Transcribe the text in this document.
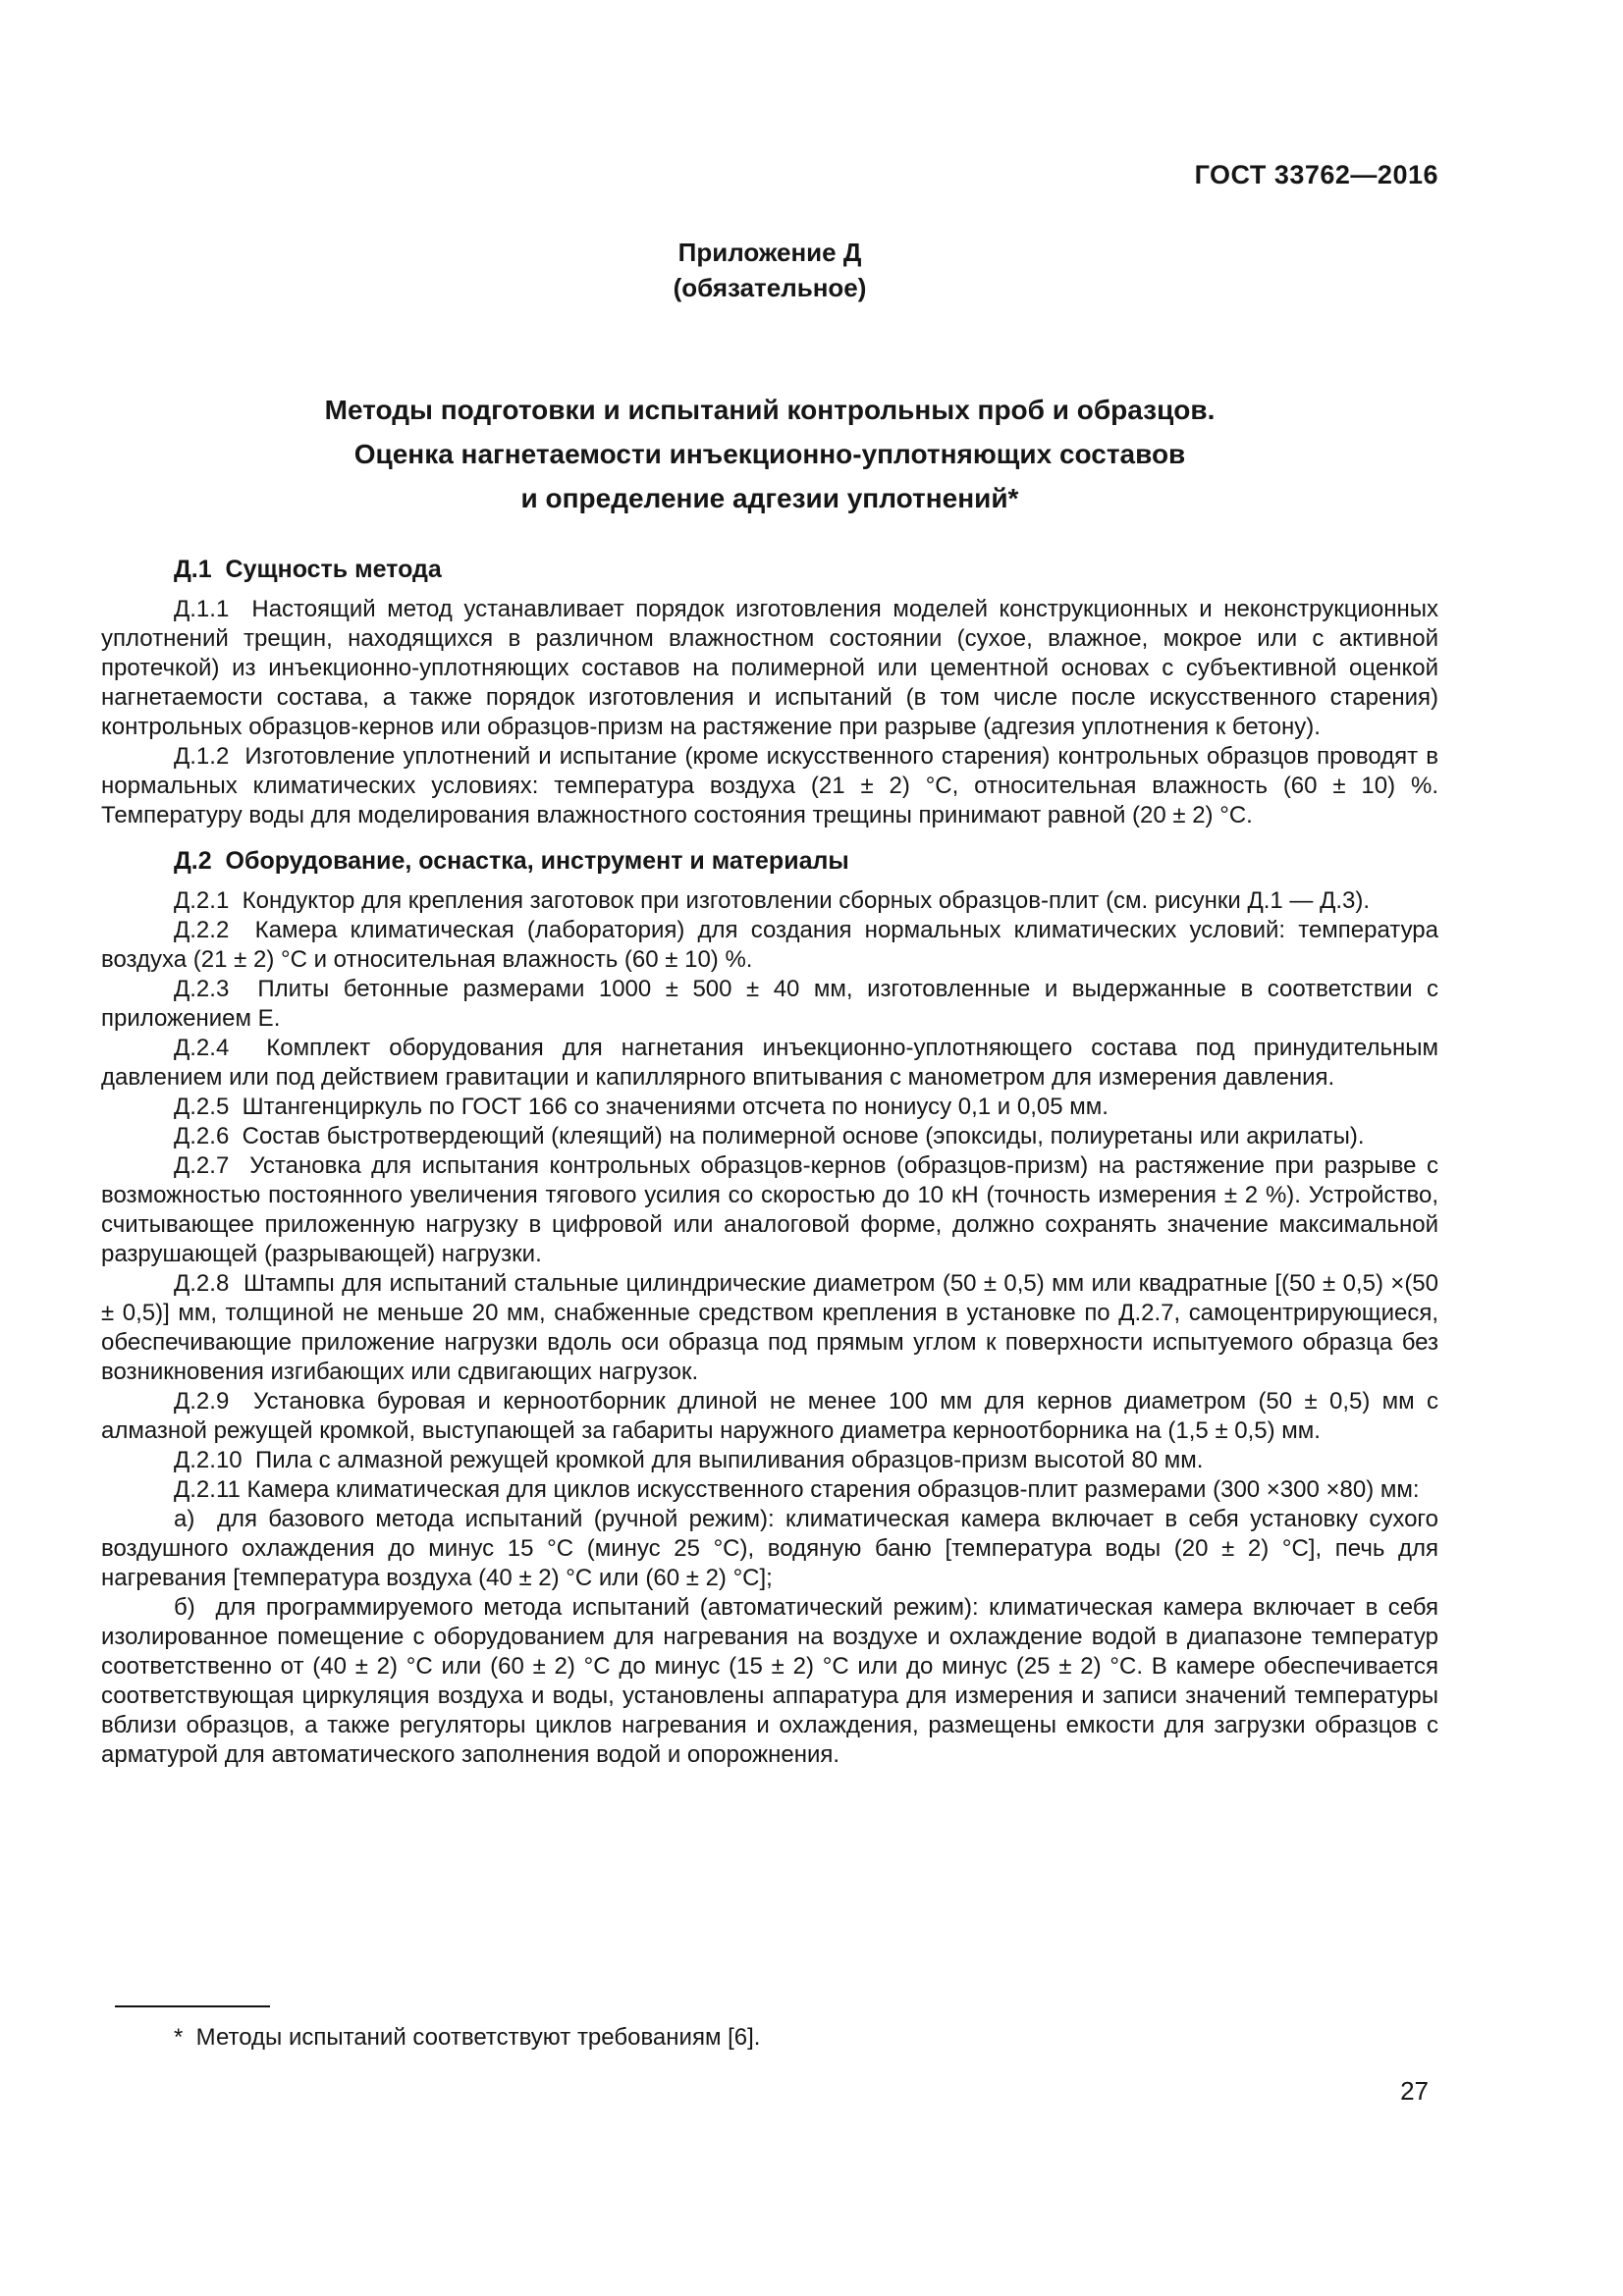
ГОСТ 33762—2016
Приложение Д
(обязательное)
Методы подготовки и испытаний контрольных проб и образцов.
Оценка нагнетаемости инъекционно-уплотняющих составов
и определение адгезии уплотнений*
Д.1  Сущность метода

Д.1.1  Настоящий метод устанавливает порядок изготовления моделей конструкционных и неконструкционных уплотнений трещин, находящихся в различном влажностном состоянии (сухое, влажное, мокрое или с активной протечкой) из инъекционно-уплотняющих составов на полимерной или цементной основах с субъективной оценкой нагнетаемости состава, а также порядок изготовления и испытаний (в том числе после искусственного старения) контрольных образцов-кернов или образцов-призм на растяжение при разрыве (адгезия уплотнения к бетону).

Д.1.2  Изготовление уплотнений и испытание (кроме искусственного старения) контрольных образцов проводят в нормальных климатических условиях: температура воздуха (21 ± 2) °С, относительная влажность (60 ± 10) %. Температуру воды для моделирования влажностного состояния трещины принимают равной (20 ± 2) °С.

Д.2  Оборудование, оснастка, инструмент и материалы

Д.2.1  Кондуктор для крепления заготовок при изготовлении сборных образцов-плит (см. рисунки Д.1 — Д.3).

Д.2.2  Камера климатическая (лаборатория) для создания нормальных климатических условий: температура воздуха (21 ± 2) °С и относительная влажность (60 ± 10) %.

Д.2.3  Плиты бетонные размерами 1000 ± 500 ± 40 мм, изготовленные и выдержанные в соответствии с приложением Е.

Д.2.4  Комплект оборудования для нагнетания инъекционно-уплотняющего состава под принудительным давлением или под действием гравитации и капиллярного впитывания с манометром для измерения давления.

Д.2.5  Штангенциркуль по ГОСТ 166 со значениями отсчета по нониусу 0,1 и 0,05 мм.

Д.2.6  Состав быстротвердеющий (клеящий) на полимерной основе (эпоксиды, полиуретаны или акрилаты).

Д.2.7  Установка для испытания контрольных образцов-кернов (образцов-призм) на растяжение при разрыве с возможностью постоянного увеличения тягового усилия со скоростью до 10 кН (точность измерения ± 2 %). Устройство, считывающее приложенную нагрузку в цифровой или аналоговой форме, должно сохранять значение максимальной разрушающей (разрывающей) нагрузки.

Д.2.8  Штампы для испытаний стальные цилиндрические диаметром (50 ± 0,5) мм или квадратные [(50 ± 0,5) ×(50 ± 0,5)] мм, толщиной не меньше 20 мм, снабженные средством крепления в установке по Д.2.7, самоцентрирующиеся, обеспечивающие приложение нагрузки вдоль оси образца под прямым углом к поверхности испытуемого образца без возникновения изгибающих или сдвигающих нагрузок.

Д.2.9  Установка буровая и керноотборник длиной не менее 100 мм для кернов диаметром (50 ± 0,5) мм с алмазной режущей кромкой, выступающей за габариты наружного диаметра керноотборника на (1,5 ± 0,5) мм.

Д.2.10  Пила с алмазной режущей кромкой для выпиливания образцов-призм высотой 80 мм.

Д.2.11 Камера климатическая для циклов искусственного старения образцов-плит размерами (300 ×300 ×80) мм:

а)  для базового метода испытаний (ручной режим): климатическая камера включает в себя установку сухого воздушного охлаждения до минус 15 °С (минус 25 °С), водяную баню [температура воды (20 ± 2) °С], печь для нагревания [температура воздуха (40 ± 2) °С или (60 ± 2) °С];

б)  для программируемого метода испытаний (автоматический режим): климатическая камера включает в себя изолированное помещение с оборудованием для нагревания на воздухе и охлаждение водой в диапазоне температур соответственно от (40 ± 2) °С или (60 ± 2) °С до минус (15 ± 2) °С или до минус (25 ± 2) °С. В камере обеспечивается соответствующая циркуляция воздуха и воды, установлены аппаратура для измерения и записи значений температуры вблизи образцов, а также регуляторы циклов нагревания и охлаждения, размещены емкости для загрузки образцов с арматурой для автоматического заполнения водой и опорожнения.

*  Методы испытаний соответствуют требованиям [6].

27
